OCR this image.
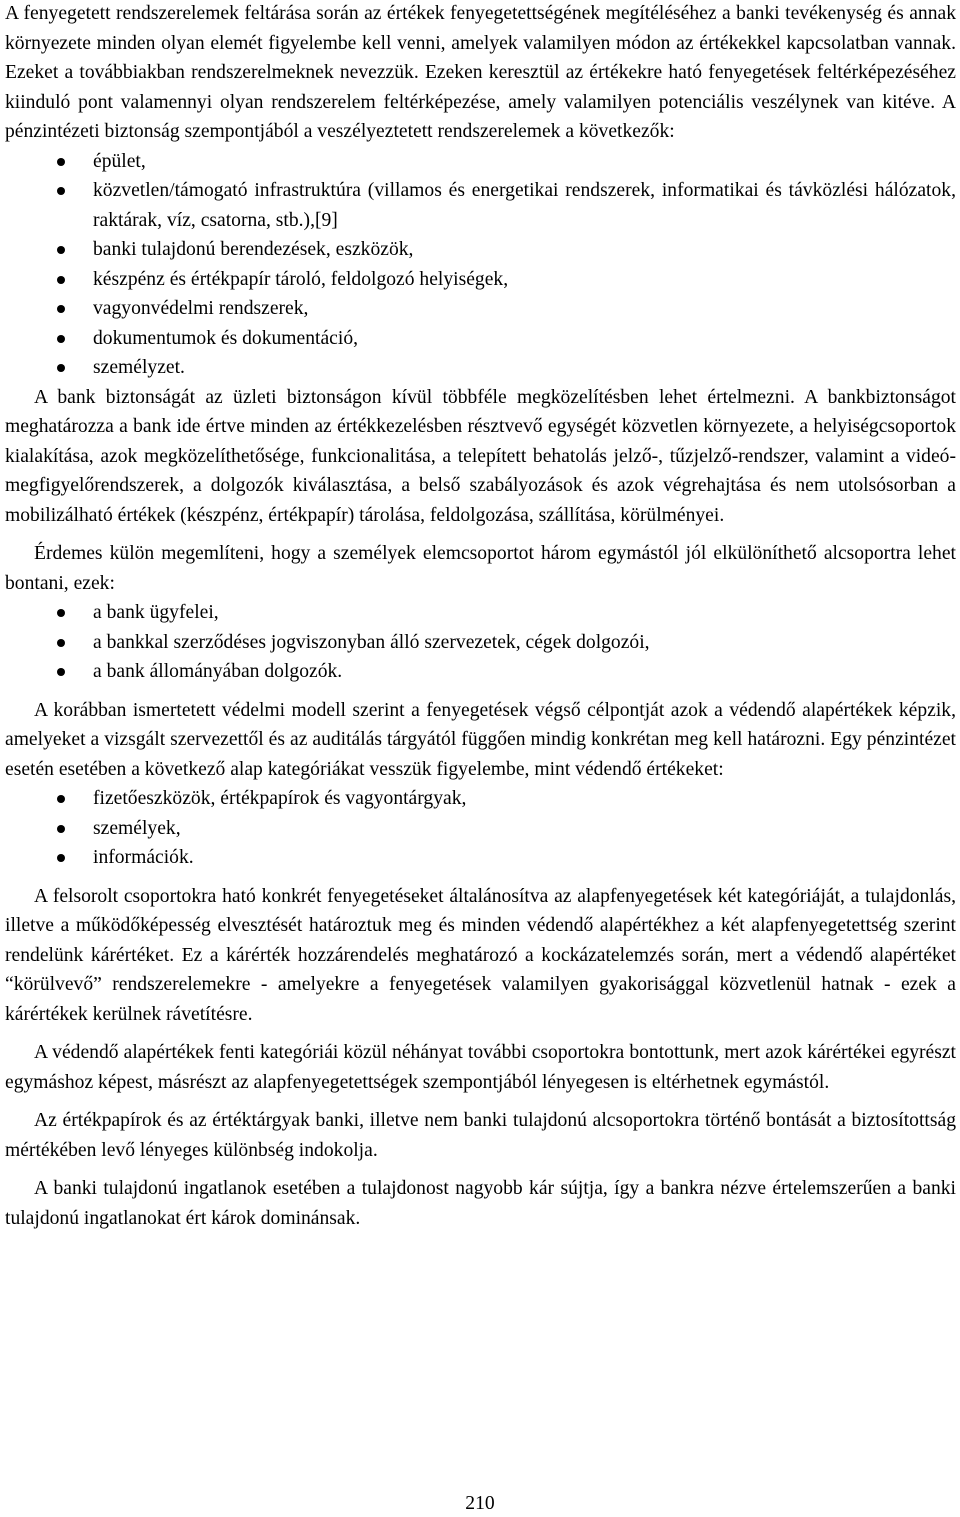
A fenyegetett rendszerelemek feltárása során az értékek fenyegetettségének megítéléséhez a banki tevékenység és annak környezete minden olyan elemét figyelembe kell venni, amelyek valamilyen módon az értékekkel kapcsolatban vannak. Ezeket a továbbiakban rendszerelmeknek nevezzük. Ezeken keresztül az értékekre ható fenyegetések feltérképezéséhez kiinduló pont valamennyi olyan rendszerelem feltérképezése, amely valamilyen potenciális veszélynek van kitéve. A pénzintézeti biztonság szempontjából a veszélyeztetett rendszerelemek a következők:

épület,
közvetlen/támogató infrastruktúra (villamos és energetikai rendszerek, informatikai és távközlési hálózatok, raktárak, víz, csatorna, stb.),[9]
banki tulajdonú berendezések, eszközök,
készpénz és értékpapír tároló, feldolgozó helyiségek,
vagyonvédelmi rendszerek,
dokumentumok és dokumentáció,
személyzet.

A bank biztonságát az üzleti biztonságon kívül többféle megközelítésben lehet értelmezni. A bankbiztonságot meghatározza a bank ide értve minden az értékkezelésben résztvevő egységét közvetlen környezete, a helyiségcsoportok kialakítása, azok megközelíthetősége, funkcionalitása, a telepített behatolás jelző-, tűzjelző-rendszer, valamint a videó-megfigyelőrendszerek, a dolgozók kiválasztása, a belső szabályozások és azok végrehajtása és nem utolsósorban a mobilizálható értékek (készpénz, értékpapír) tárolása, feldolgozása, szállítása, körülményei.

Érdemes külön megemlíteni, hogy a személyek elemcsoportot három egymástól jól elkülöníthető alcsoportra lehet bontani, ezek:

a bank ügyfelei,
a bankkal szerződéses jogviszonyban álló szervezetek, cégek dolgozói,
a bank állományában dolgozók.

A korábban ismertetett védelmi modell szerint a fenyegetések végső célpontját azok a védendő alapértékek képzik, amelyeket a vizsgált szervezettől és az auditálás tárgyától függően mindig konkrétan meg kell határozni. Egy pénzintézet esetén esetében a következő alap kategóriákat vesszük figyelembe, mint védendő értékeket:

fizetőeszközök, értékpapírok és vagyontárgyak,
személyek,
információk.

A felsorolt csoportokra ható konkrét fenyegetéseket általánosítva az alapfenyegetések két kategóriáját, a tulajdonlás, illetve a működőképesség elvesztését határoztuk meg és minden védendő alapértékhez a két alapfenyegetettség szerint rendelünk kárértéket. Ez a kárérték hozzárendelés meghatározó a kockázatelemzés során, mert a védendő alapértéket “körülvevő” rendszerelemekre - amelyekre a fenyegetések valamilyen gyakorisággal közvetlenül hatnak - ezek a kárértékek kerülnek rávetítésre.

A védendő alapértékek fenti kategóriái közül néhányat további csoportokra bontottunk, mert azok kárértékei egyrészt egymáshoz képest, másrészt az alapfenyegetettségek szempontjából lényegesen is eltérhetnek egymástól.

Az értékpapírok és az értéktárgyak banki, illetve nem banki tulajdonú alcsoportokra történő bontását a biztosítottság mértékében levő lényeges különbség indokolja.

A banki tulajdonú ingatlanok esetében a tulajdonost nagyobb kár sújtja, így a bankra nézve értelemszerűen a banki tulajdonú ingatlanokat ért károk dominánsak.

210
